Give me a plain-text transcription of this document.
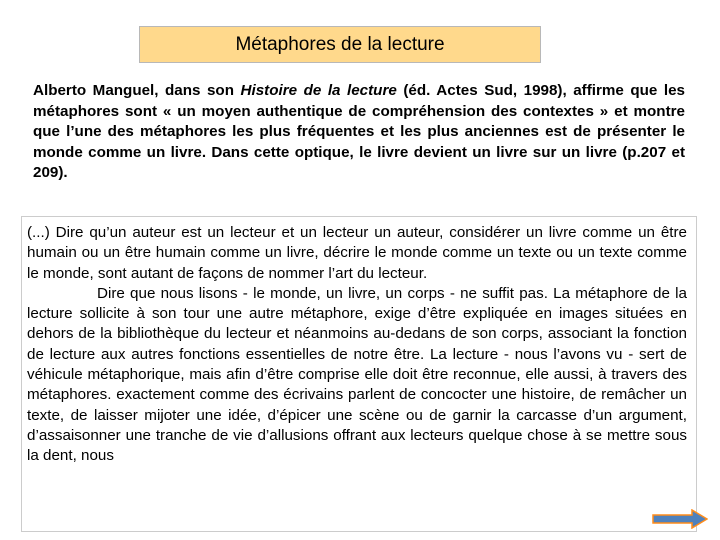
Métaphores de la lecture

Alberto Manguel, dans son Histoire de la lecture (éd. Actes Sud, 1998), affirme que les métaphores sont « un moyen authentique de compréhension des contextes » et montre que l’une des métaphores les plus fréquentes et les plus anciennes est de présenter le monde comme un livre. Dans cette optique, le livre devient un livre sur un livre (p.207 et 209).

(...) Dire qu’un auteur est un lecteur et un lecteur un auteur, considérer un livre comme un être humain ou un être humain comme un livre, décrire le monde comme un texte ou un texte comme le monde, sont autant de façons de nommer l’art du lecteur.

Dire que nous lisons - le monde, un livre, un corps - ne suffit pas. La métaphore de la lecture sollicite à son tour une autre métaphore, exige d’être expliquée en images situées en dehors de la bibliothèque du lecteur et néanmoins au-dedans de son corps, associant la fonction de lecture aux autres fonctions essentielles de notre être. La lecture - nous l’avons vu - sert de véhicule métaphorique, mais afin d’être comprise elle doit être reconnue, elle aussi, à travers des métaphores. exactement comme des écrivains parlent de concocter une histoire, de remâcher un texte, de laisser mijoter une idée, d’épicer une scène ou de garnir la carcasse d’un argument, d’assaisonner une tranche de vie d’allusions offrant aux lecteurs quelque chose à se mettre sous la dent, nous
